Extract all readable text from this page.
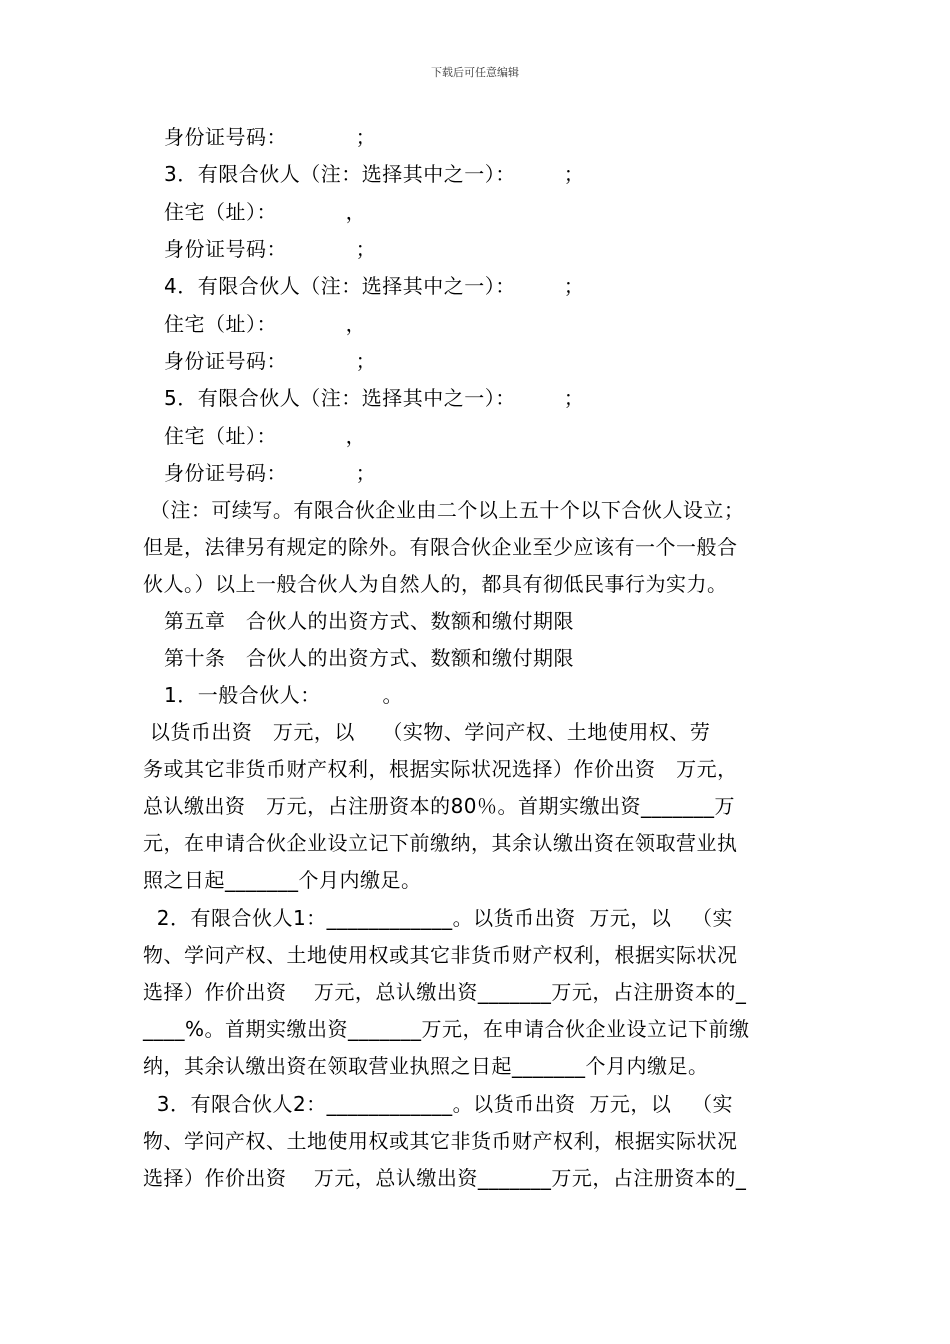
下载后可任意编辑
身份证号码：          ；
3．有限合伙人（注：选择其中之一）：       ；
住宅（址）：          ，
身份证号码：          ；
4．有限合伙人（注：选择其中之一）：       ；
住宅（址）：          ，
身份证号码：          ；
5．有限合伙人（注：选择其中之一）：       ；
住宅（址）：          ，
身份证号码：          ；

（注：可续写。有限合伙企业由二个以上五十个以下合伙人设立；

但是，法律另有规定的除外。有限合伙企业至少应该有一个一般合

伙人。）以上一般合伙人为自然人的，都具有彻低民事行为实力。

第五章　合伙人的出资方式、数额和缴付期限
第十条　合伙人的出资方式、数额和缴付期限
1．一般合伙人：         。

以货币出资   万元，以    （实物、学问产权、土地使用权、劳

务或其它非货币财产权利，根据实际状况选择）作价出资   万元，

总认缴出资   万元，占注册资本的80％。首期实缴出资_______万

元，在申请合伙企业设立记下前缴纳，其余认缴出资在领取营业执

照之日起_______个月内缴足。

2．有限合伙人1：____________。以货币出资  万元，以   （实

物、学问产权、土地使用权或其它非货币财产权利，根据实际状况

选择）作价出资    万元，总认缴出资_______万元，占注册资本的_

____%。首期实缴出资_______万元，在申请合伙企业设立记下前缴

纳，其余认缴出资在领取营业执照之日起_______个月内缴足。

3．有限合伙人2：____________。以货币出资  万元，以   （实

物、学问产权、土地使用权或其它非货币财产权利，根据实际状况

选择）作价出资    万元，总认缴出资_______万元，占注册资本的_
